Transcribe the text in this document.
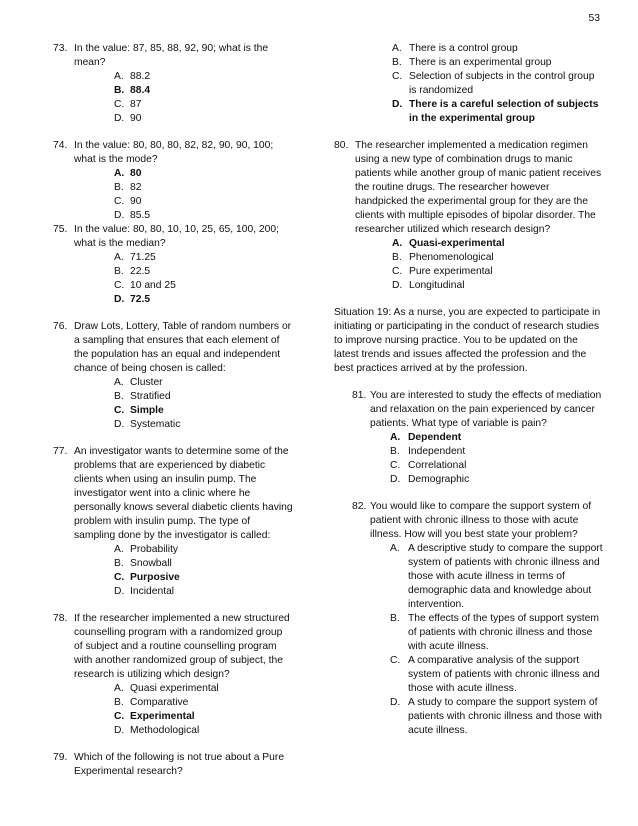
53
73. In the value: 87, 85, 88, 92, 90; what is the mean?
A. 88.2
B. 88.4
C. 87
D. 90
74. In the value: 80, 80, 80, 82, 82, 90, 90, 100; what is the mode?
A. 80
B. 82
C. 90
D. 85.5
75. In the value: 80, 80, 10, 10, 25, 65, 100, 200; what is the median?
A. 71.25
B. 22.5
C. 10 and 25
D. 72.5
76. Draw Lots, Lottery, Table of random numbers or a sampling that ensures that each element of the population has an equal and independent chance of being chosen is called:
A. Cluster
B. Stratified
C. Simple
D. Systematic
77. An investigator wants to determine some of the problems that are experienced by diabetic clients when using an insulin pump. The investigator went into a clinic where he personally knows several diabetic clients having problem with insulin pump. The type of sampling done by the investigator is called:
A. Probability
B. Snowball
C. Purposive
D. Incidental
78. If the researcher implemented a new structured counselling program with a randomized group of subject and a routine counselling program with another randomized group of subject, the research is utilizing which design?
A. Quasi experimental
B. Comparative
C. Experimental
D. Methodological
79. Which of the following is not true about a Pure Experimental research?
A. There is a control group
B. There is an experimental group
C. Selection of subjects in the control group is randomized
D. There is a careful selection of subjects in the experimental group
80. The researcher implemented a medication regimen using a new type of combination drugs to manic patients while another group of manic patient receives the routine drugs. The researcher however handpicked the experimental group for they are the clients with multiple episodes of bipolar disorder. The researcher utilized which research design?
A. Quasi-experimental
B. Phenomenological
C. Pure experimental
D. Longitudinal
Situation 19: As a nurse, you are expected to participate in initiating or participating in the conduct of research studies to improve nursing practice. You to be updated on the latest trends and issues affected the profession and the best practices arrived at by the profession.
81. You are interested to study the effects of mediation and relaxation on the pain experienced by cancer patients. What type of variable is pain?
A. Dependent
B. Independent
C. Correlational
D. Demographic
82. You would like to compare the support system of patient with chronic illness to those with acute illness. How will you best state your problem?
A. A descriptive study to compare the support system of patients with chronic illness and those with acute illness in terms of demographic data and knowledge about intervention.
B. The effects of the types of support system of patients with chronic illness and those with acute illness.
C. A comparative analysis of the support system of patients with chronic illness and those with acute illness.
D. A study to compare the support system of patients with chronic illness and those with acute illness.
